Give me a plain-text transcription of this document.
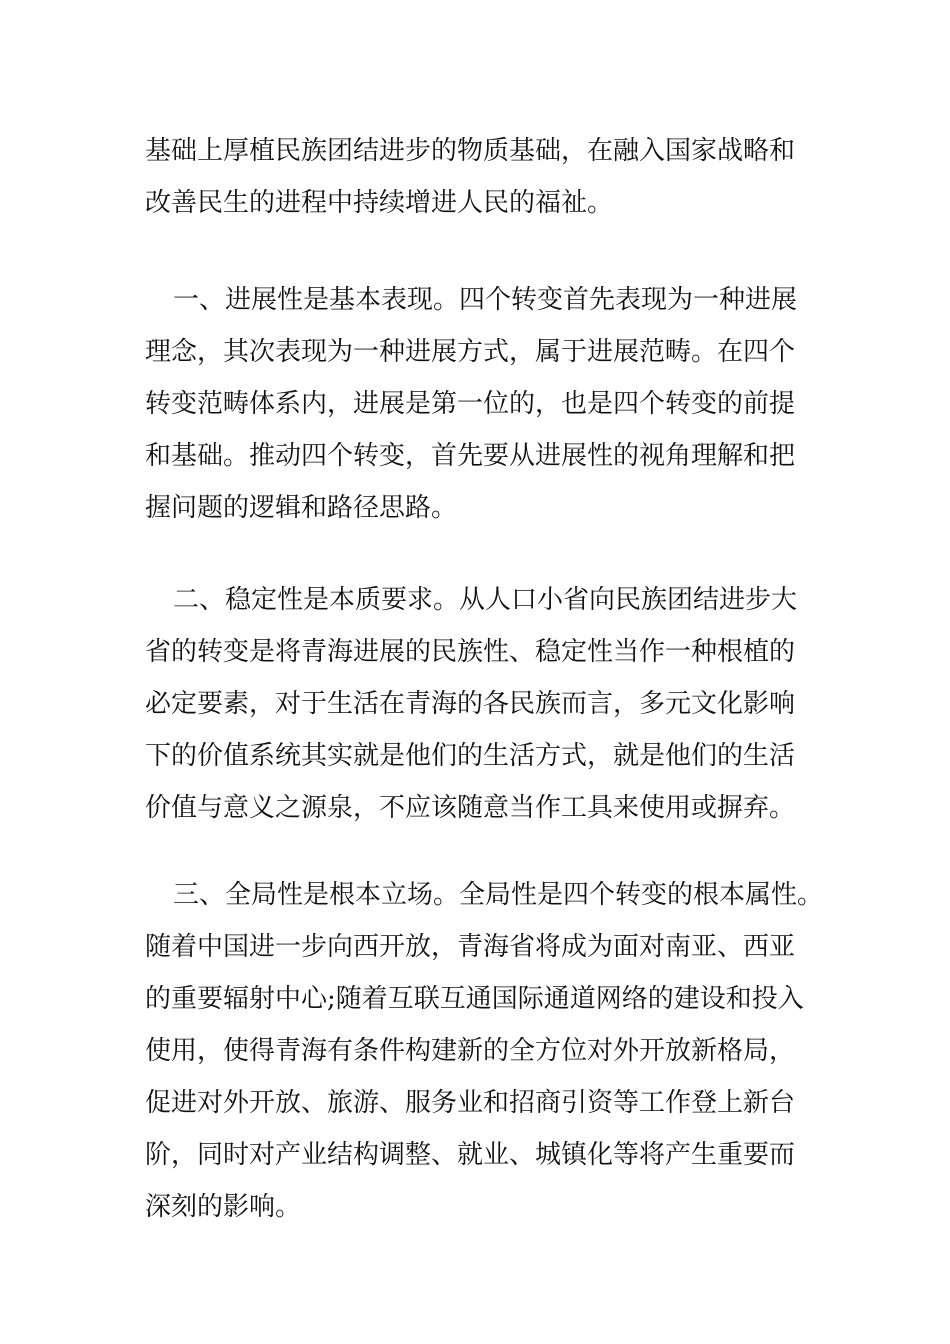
基础上厚植民族团结进步的物质基础，在融入国家战略和
改善民生的进程中持续增进人民的福祉。
一、进展性是基本表现。四个转变首先表现为一种进展
理念，其次表现为一种进展方式，属于进展范畴。在四个
转变范畴体系内，进展是第一位的，也是四个转变的前提
和基础。推动四个转变，首先要从进展性的视角理解和把
握问题的逻辑和路径思路。
二、稳定性是本质要求。从人口小省向民族团结进步大
省的转变是将青海进展的民族性、稳定性当作一种根植的
必定要素，对于生活在青海的各民族而言，多元文化影响
下的价值系统其实就是他们的生活方式，就是他们的生活
价值与意义之源泉，不应该随意当作工具来使用或摒弃。
三、全局性是根本立场。全局性是四个转变的根本属性。
随着中国进一步向西开放，青海省将成为面对南亚、西亚
的重要辐射中心;随着互联互通国际通道网络的建设和投入
使用，使得青海有条件构建新的全方位对外开放新格局，
促进对外开放、旅游、服务业和招商引资等工作登上新台
阶，同时对产业结构调整、就业、城镇化等将产生重要而
深刻的影响。
